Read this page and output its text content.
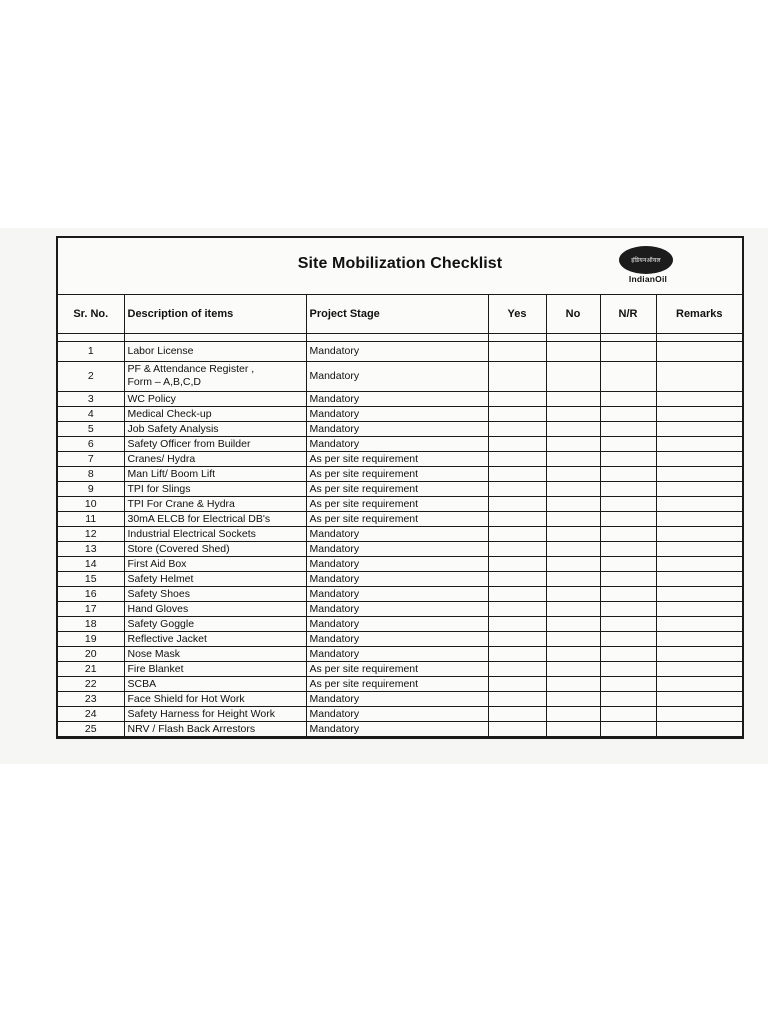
Site Mobilization Checklist	इंडियनऑयल
IndianOil
Sr. No.	Description of items	Project Stage	Yes	No	N/R	Remarks

1	Labor License	Mandatory				
2	PF & Attendance Register ,
Form – A,B,C,D	Mandatory				
3	WC Policy	Mandatory				
4	Medical Check-up	Mandatory				
5	Job Safety Analysis	Mandatory				
6	Safety Officer from Builder	Mandatory				
7	Cranes/ Hydra	As per site requirement				
8	Man Lift/ Boom Lift	As per site requirement				
9	TPI for Slings	As per site requirement				
10	TPI For Crane & Hydra	As per site requirement				
11	30mA ELCB for Electrical DB's	As per site requirement				
12	Industrial Electrical Sockets	Mandatory				
13	Store (Covered Shed)	Mandatory				
14	First Aid Box	Mandatory				
15	Safety Helmet	Mandatory				
16	Safety Shoes	Mandatory				
17	Hand Gloves	Mandatory				
18	Safety Goggle	Mandatory				
19	Reflective Jacket	Mandatory				
20	Nose Mask	Mandatory				
21	Fire Blanket	As per site requirement				
22	SCBA	As per site requirement				
23	Face Shield for Hot Work	Mandatory				
24	Safety Harness for Height Work	Mandatory				
25	NRV / Flash Back Arrestors	Mandatory				
